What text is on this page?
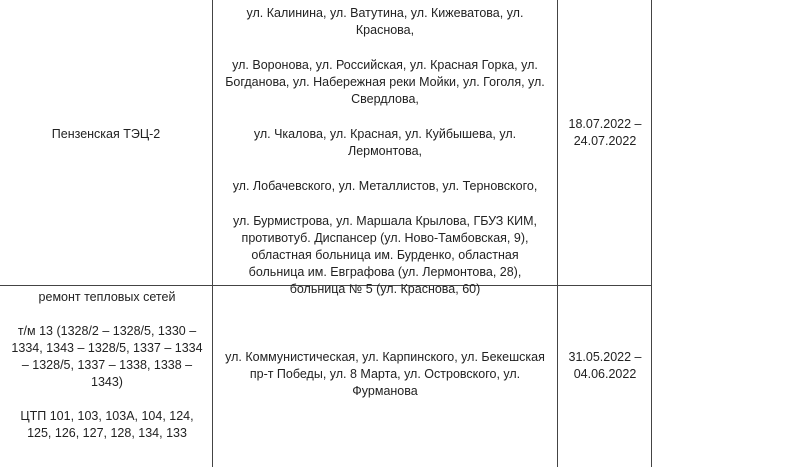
Пензенская ТЭЦ-2

ул. Калинина, ул. Ватутина, ул. Кижеватова, ул. Краснова,

ул. Воронова, ул. Российская, ул. Красная Горка, ул. Богданова, ул. Набережная реки Мойки, ул. Гоголя, ул. Свердлова,

ул. Чкалова, ул. Красная, ул. Куйбышева, ул. Лермонтова,

ул. Лобачевского, ул. Металлистов, ул. Терновского,

ул. Бурмистрова, ул. Маршала Крылова, ГБУЗ КИМ, противотуб. Диспансер (ул. Ново-Тамбовская, 9), областная больница им. Бурденко, областная больница им. Евграфова (ул. Лермонтова, 28), больница № 5 (ул. Краснова, 60)

18.07.2022 – 24.07.2022

ремонт тепловых сетей

т/м 13 (1328/2 – 1328/5, 1330 – 1334, 1343 – 1328/5, 1337 – 1334 – 1328/5, 1337 – 1338, 1338 – 1343)

ЦТП 101, 103, 103А, 104, 124, 125, 126, 127, 128, 134, 133

ул. Коммунистическая, ул. Карпинского, ул. Бекешская пр-т Победы, ул. 8 Марта, ул. Островского, ул. Фурманова

31.05.2022 – 04.06.2022
